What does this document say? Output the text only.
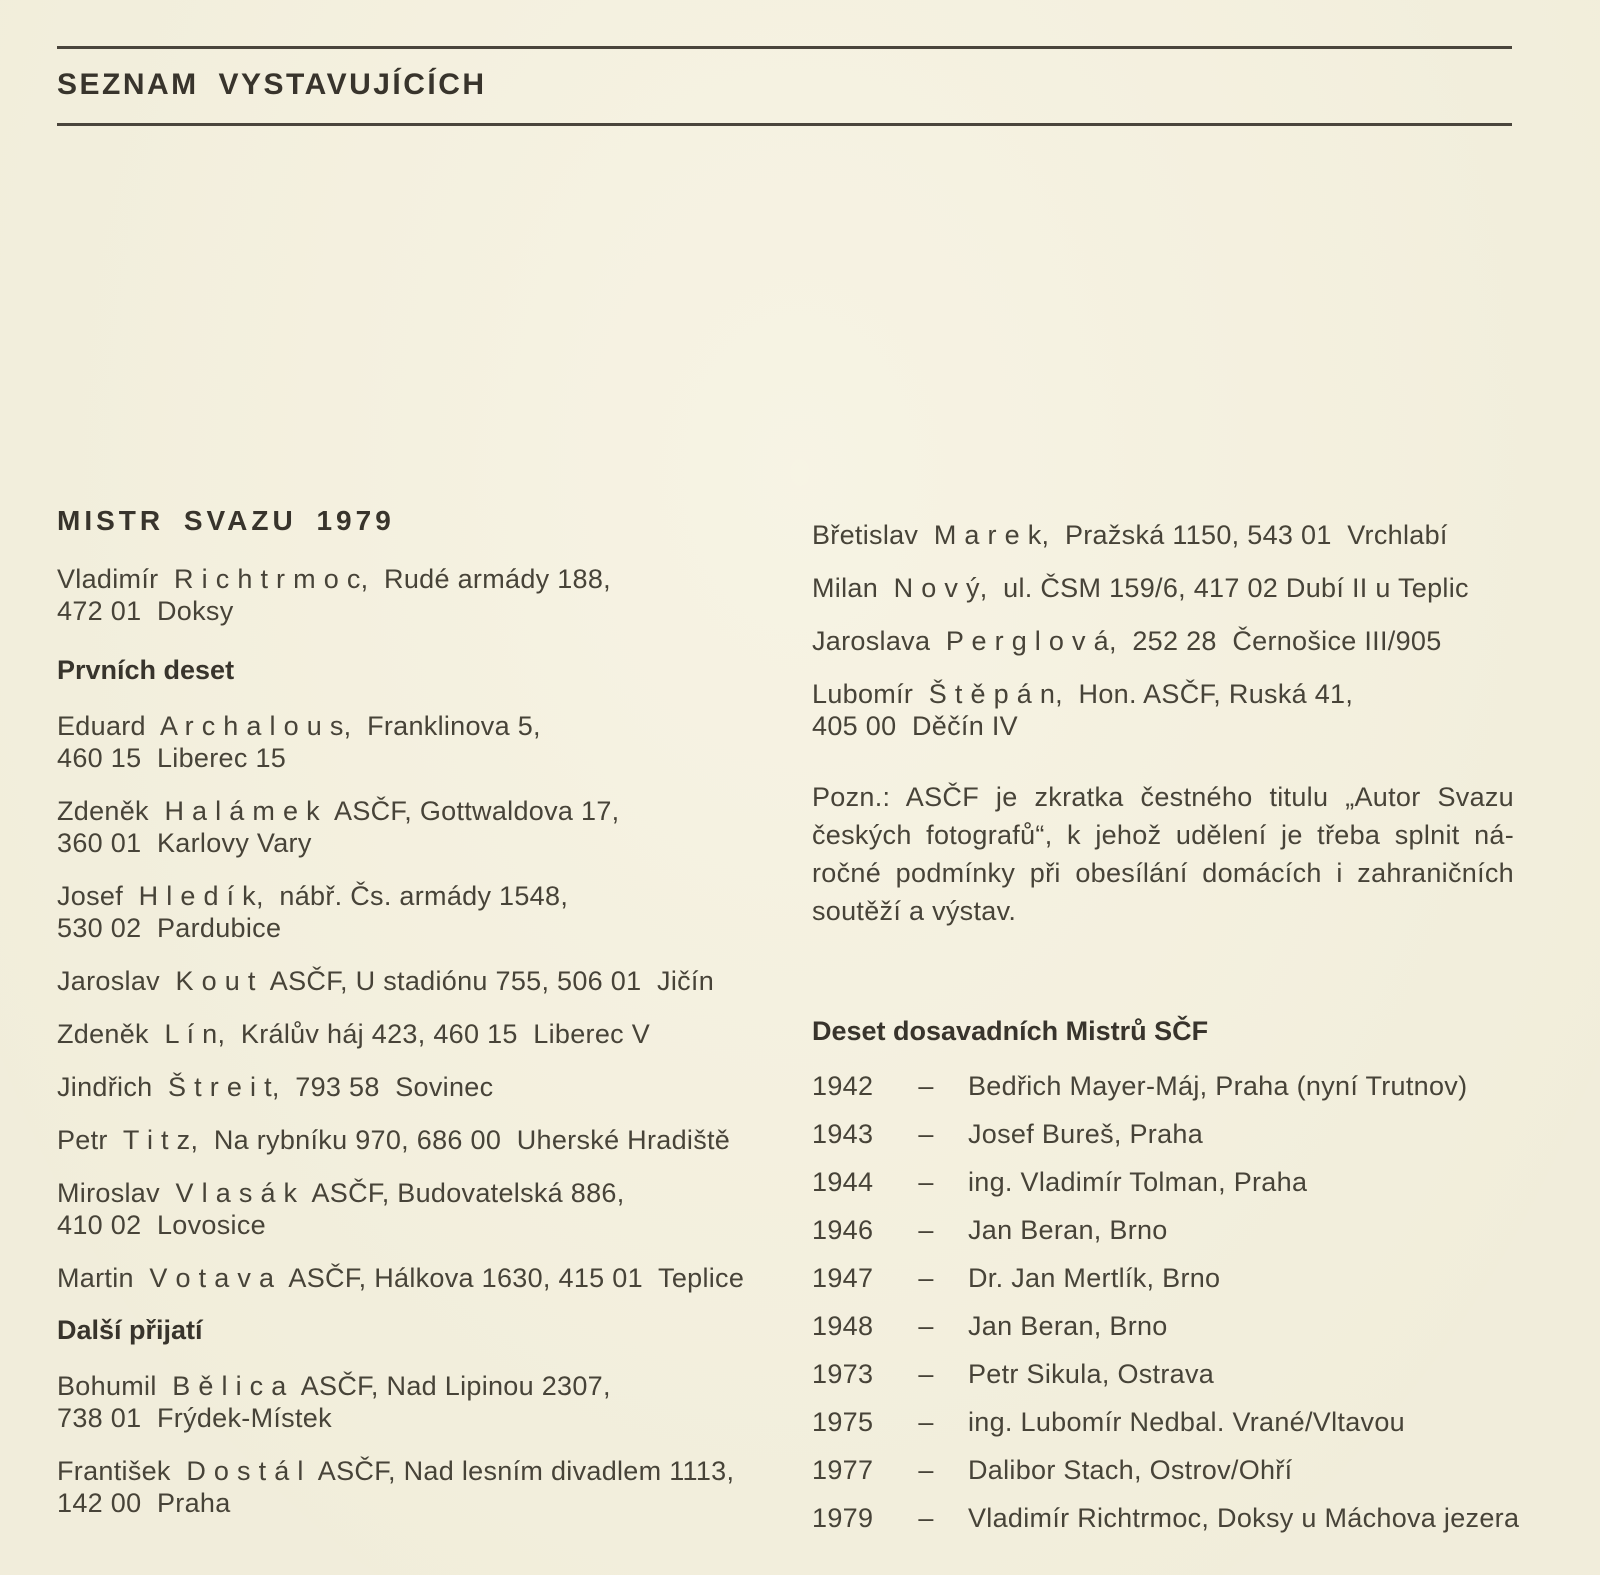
SEZNAM VYSTAVUJÍCÍCH
MISTR SVAZU 1979
Vladimír  R i c h t r m o c,  Rudé armády 188,
472 01  Doksy
Prvních deset
Eduard  A r c h a l o u s,  Franklinova 5,
460 15  Liberec 15
Zdeněk  H a l á m e k  ASČF, Gottwaldova 17,
360 01  Karlovy Vary
Josef  H l e d í k,  nábř. Čs. armády 1548,
530 02  Pardubice
Jaroslav  K o u t  ASČF, U stadiónu 755, 506 01  Jičín
Zdeněk  L í n,  Králův háj 423, 460 15  Liberec V
Jindřich  Š t r e i t,  793 58  Sovinec
Petr  T i t z,  Na rybníku 970, 686 00  Uherské Hradiště
Miroslav  V l a s á k  ASČF, Budovatelská 886,
410 02  Lovosice
Martin  V o t a v a  ASČF, Hálkova 1630, 415 01  Teplice
Další přijatí
Bohumil  B ě l i c a  ASČF, Nad Lipinou 2307,
738 01  Frýdek-Místek
František  D o s t á l  ASČF, Nad lesním divadlem 1113,
142 00  Praha
Břetislav  M a r e k,  Pražská 1150, 543 01  Vrchlabí
Milan  N o v ý,  ul. ČSM 159/6, 417 02 Dubí II u Teplic
Jaroslava  P e r g l o v á,  252 28  Černošice III/905
Lubomír  Š t ě p á n,  Hon. ASČF, Ruská 41,
405 00  Děčín IV
Pozn.: ASČF je zkratka čestného titulu „Autor Svazu
českých fotografů“, k jehož udělení je třeba splnit ná-
ročné podmínky při obesílání domácích i zahraničních
soutěží a výstav.
Deset dosavadních Mistrů SČF
1942	–	Bedřich Mayer-Máj, Praha (nyní Trutnov)
1943	–	Josef Bureš, Praha
1944	–	ing. Vladimír Tolman, Praha
1946	–	Jan Beran, Brno
1947	–	Dr. Jan Mertlík, Brno
1948	–	Jan Beran, Brno
1973	–	Petr Sikula, Ostrava
1975	–	ing. Lubomír Nedbal. Vrané/Vltavou
1977	–	Dalibor Stach, Ostrov/Ohří
1979	–	Vladimír Richtrmoc, Doksy u Máchova jezera
